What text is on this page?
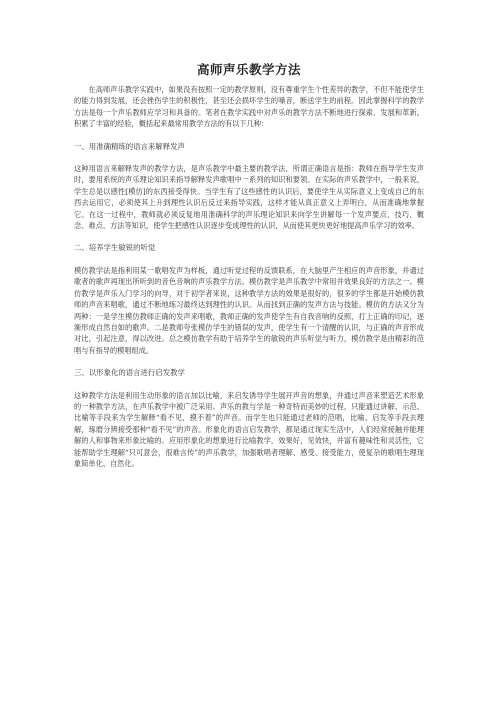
高师声乐教学方法

在高师声乐教学实践中，如果没有按照一定的教学原则，没有尊重学生个性差异的教学，不但不能使学生的能力得到发展，还会挫伤学生的积极性，甚至还会损坏学生的嗓音，断送学生的前程。因此掌握科学的教学方法是每一个声乐教师应学习和具备的。笔者在教学实践中对声乐的教学方法不断地进行探索、发展和革新，积累了丰富的经验，概括起来最常用教学方法的有以下几种：

一、用准确精练的语言来解释发声

这种用语言来解释发声的教学方法，是声乐教学中最主要的教学法，所谓正确语言是指：教师在指导学生发声时，要用系统的声乐理论知识来指导解释发声歌唱中一系列的知识和要领。在实际的声乐教学中，一般来说，学生总是以感性[模仿]的东西接受得快。当学生有了这些感性的认识后，要使学生从实际意义上变成自己的东西去运用它，必须使其上升到理性认识后反过来指导实践，这样才能从真正意义上弄明白，从而准确地掌握它。在这一过程中，教师就必须反复地用准确科学的声乐理论知识来向学生讲解每一个发声要点、技巧、概念、难点、方法等知识，使学生把感性认识逐步变成理性的认识，从而使其更快更好地提高声乐学习的效率。

二、培养学生敏锐的听觉

模仿教学法是指利用某一歌唱发声为样板，通过听觉过程的反馈联系，在大脑里产生相应的声音形象，并通过歌者的歌声再现出所听到的音色音响的声乐教学方法。模仿教学是声乐教学中常用并效果良好的方法之一。模仿教学是声乐入门学习的向导，对于初学者来说，这种教学方法的效果是很好的，很多的学生都是开始模仿教师的声音来唱歌，通过不断地练习最终达到理性的认识。从而找到正确的发声方法与技能。模仿的方法又分为两种：一是学生模仿教师正确的发声来唱歌，教师正确的发声使学生有自我音响的反照，打上正确的印记，逐渐形成自然自如的歌声。二是教师夸张模仿学生的错误的发声，使学生有一个清醒的认识，与正确的声音形成对比，引起注意，得以改进。总之模仿教学有助于培养学生的敏锐的声乐听觉与听力，模仿教学是由精彩的范唱与有指导的模唱组成。

三、以形象化的语言进行启发教学

这种教学方法是利用生动形象的语言加以比喻，来启发诱导学生展开声音的想象，并通过声音来塑造艺术形象的一种教学方法，在声乐教学中被广泛采用。声乐的教与学是一种奇特而美妙的过程，只能通过讲解、示范、比喻等手段来为学生解释“看不见，摸不着”的声音。而学生也只能通过老师的范唱，比喻、启发等手段去理解，琢磨分辨接受那种“看不见”的声音。形象化的语言启发教学，都是通过现实生活中，人们经常接触并能理解的人和事物来形象比喻的。应用形象化的想象进行比喻教学，效果好，见效快，并富有趣味性和灵活性，它能帮助学生理解“只可意会，很难言传”的声乐教学，加强歌唱者理解、感受、接受能力，使复杂的歌唱生理现象简单化、自然化。
